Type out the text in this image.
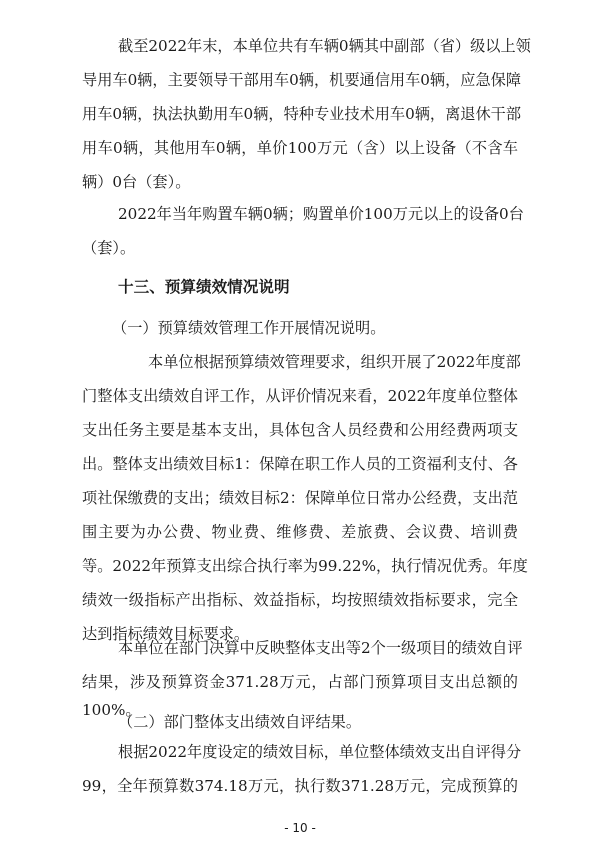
截至2022年末，本单位共有车辆0辆其中副部（省）级以上领
导用车0辆，主要领导干部用车0辆，机要通信用车0辆，应急保障
用车0辆，执法执勤用车0辆，特种专业技术用车0辆，离退休干部
用车0辆，其他用车0辆，单价100万元（含）以上设备（不含车
辆）0台（套）。
2022年当年购置车辆0辆；购置单价100万元以上的设备0台
（套）。
十三、预算绩效情况说明
（一）预算绩效管理工作开展情况说明。
本单位根据预算绩效管理要求，组织开展了2022年度部
门整体支出绩效自评工作，从评价情况来看，2022年度单位整体
支出任务主要是基本支出，具体包含人员经费和公用经费两项支
出。整体支出绩效目标1：保障在职工作人员的工资福利支付、各
项社保缴费的支出；绩效目标2：保障单位日常办公经费，支出范
围主要为办公费、物业费、维修费、差旅费、会议费、培训费
等。2022年预算支出综合执行率为99.22%，执行情况优秀。年度
绩效一级指标产出指标、效益指标，均按照绩效指标要求，完全
达到指标绩效目标要求。
本单位在部门决算中反映整体支出等2个一级项目的绩效自评
结果，涉及预算资金371.28万元，占部门预算项目支出总额的
100%。
（二）部门整体支出绩效自评结果。
根据2022年度设定的绩效目标，单位整体绩效支出自评得分
- 10 -
99，全年预算数374.18万元，执行数371.28万元，完成预算的
